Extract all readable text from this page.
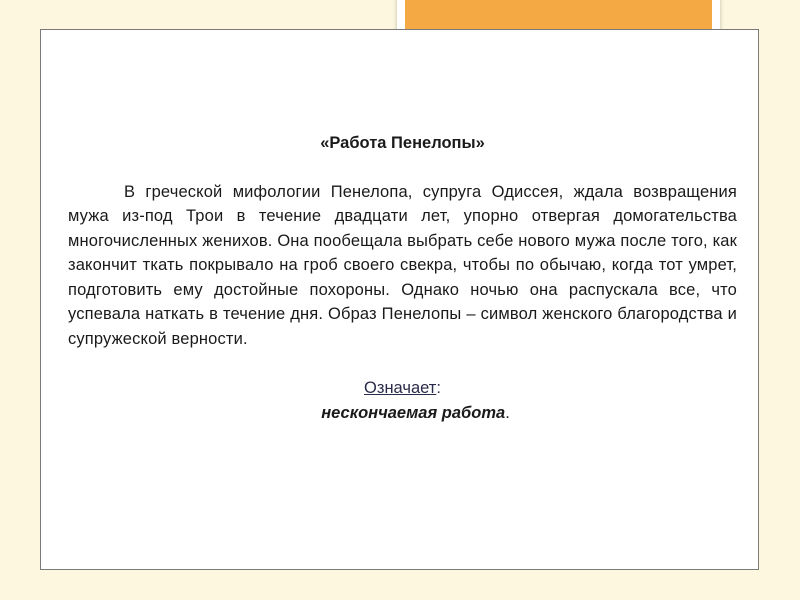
«Работа Пенелопы»

В греческой мифологии Пенелопа, супруга Одиссея, ждала возвращения мужа из-под Трои в течение двадцати лет, упорно отвергая домогательства многочисленных женихов. Она пообещала выбрать себе нового мужа после того, как закончит ткать покрывало на гроб своего свекра, чтобы по обычаю, когда тот умрет, подготовить ему достойные похороны. Однако ночью она распускала все, что успевала наткать в течение дня. Образ Пенелопы – символ женского благородства и супружеской верности.

Означает:

нескончаемая работа.
